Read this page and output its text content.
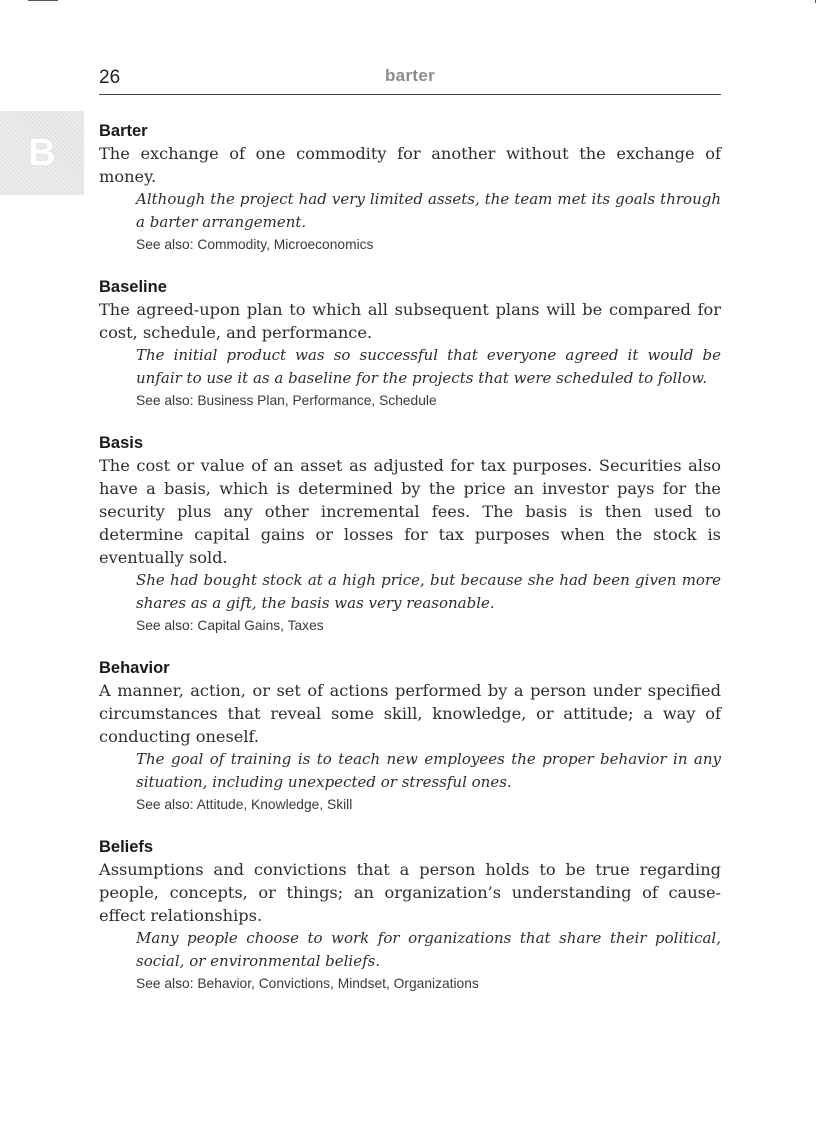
26	barter
B
Barter

The exchange of one commodity for another without the exchange of money.

Although the project had very limited assets, the team met its goals through a barter arrangement.

See also: Commodity, Microeconomics

Baseline

The agreed-upon plan to which all subsequent plans will be compared for cost, schedule, and performance.

The initial product was so successful that everyone agreed it would be unfair to use it as a baseline for the projects that were scheduled to follow.

See also: Business Plan, Performance, Schedule

Basis

The cost or value of an asset as adjusted for tax purposes. Securities also have a basis, which is determined by the price an investor pays for the security plus any other incremental fees. The basis is then used to determine capital gains or losses for tax purposes when the stock is eventually sold.

She had bought stock at a high price, but because she had been given more shares as a gift, the basis was very reasonable.

See also: Capital Gains, Taxes

Behavior

A manner, action, or set of actions performed by a person under specified circumstances that reveal some skill, knowledge, or attitude; a way of conducting oneself.

The goal of training is to teach new employees the proper behavior in any situation, including unexpected or stressful ones.

See also: Attitude, Knowledge, Skill

Beliefs

Assumptions and convictions that a person holds to be true regarding people, concepts, or things; an organization’s understanding of cause-effect relationships.

Many people choose to work for organizations that share their political, social, or environmental beliefs.

See also: Behavior, Convictions, Mindset, Organizations
